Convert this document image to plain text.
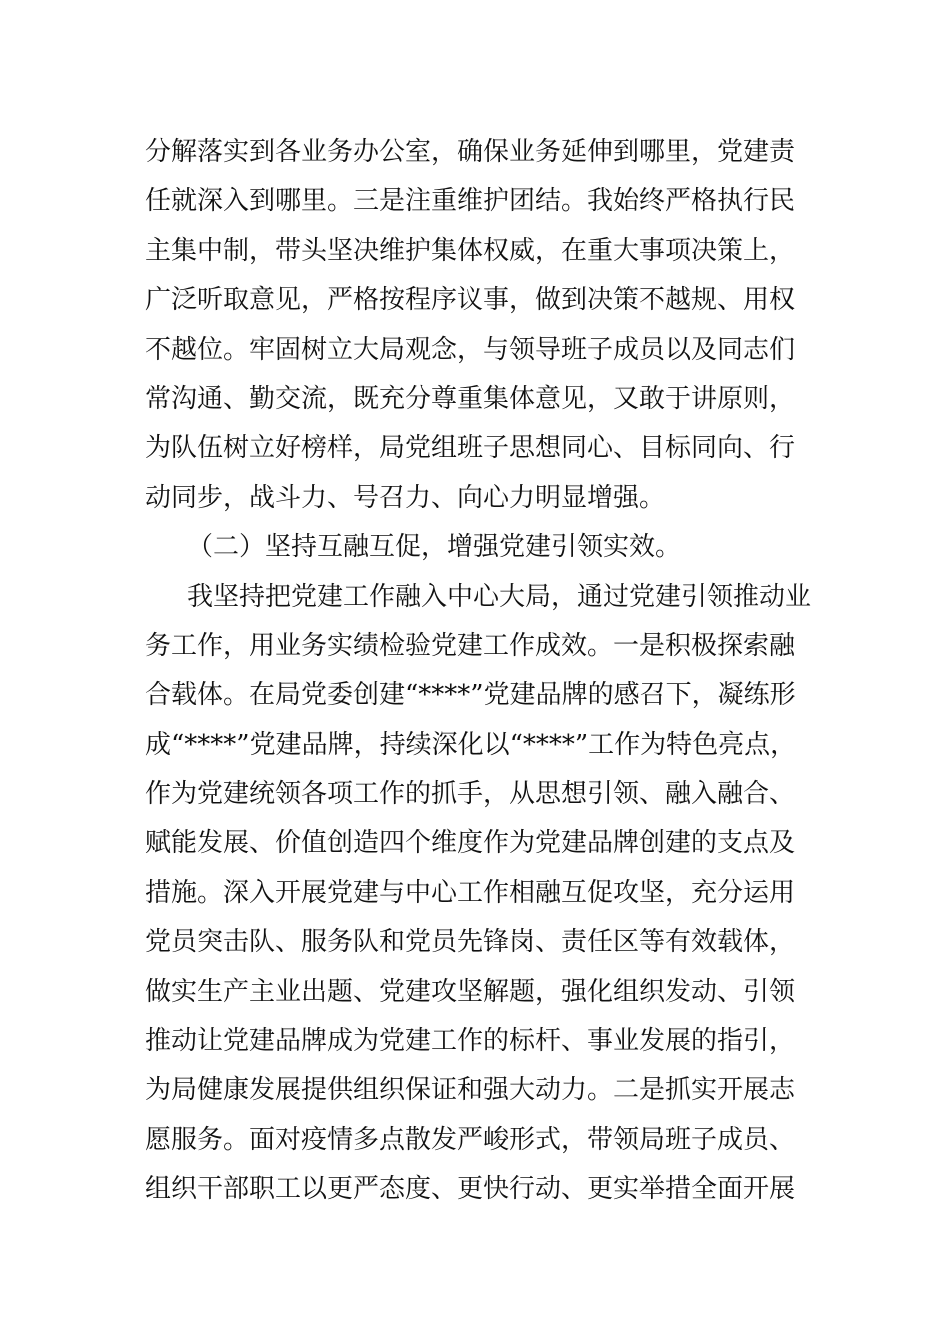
分解落实到各业务办公室，确保业务延伸到哪里，党建责
任就深入到哪里。三是注重维护团结。我始终严格执行民
主集中制，带头坚决维护集体权威，在重大事项决策上，
广泛听取意见，严格按程序议事，做到决策不越规、用权
不越位。牢固树立大局观念，与领导班子成员以及同志们
常沟通、勤交流，既充分尊重集体意见，又敢于讲原则，
为队伍树立好榜样，局党组班子思想同心、目标同向、行
动同步，战斗力、号召力、向心力明显增强。
（二）坚持互融互促，增强党建引领实效。
我坚持把党建工作融入中心大局，通过党建引领推动业
务工作，用业务实绩检验党建工作成效。一是积极探索融
合载体。在局党委创建“****”党建品牌的感召下，凝练形
成“****”党建品牌，持续深化以“****”工作为特色亮点，
作为党建统领各项工作的抓手，从思想引领、融入融合、
赋能发展、价值创造四个维度作为党建品牌创建的支点及
措施。深入开展党建与中心工作相融互促攻坚，充分运用
党员突击队、服务队和党员先锋岗、责任区等有效载体，
做实生产主业出题、党建攻坚解题，强化组织发动、引领
推动让党建品牌成为党建工作的标杆、事业发展的指引，
为局健康发展提供组织保证和强大动力。二是抓实开展志
愿服务。面对疫情多点散发严峻形式，带领局班子成员、
组织干部职工以更严态度、更快行动、更实举措全面开展
